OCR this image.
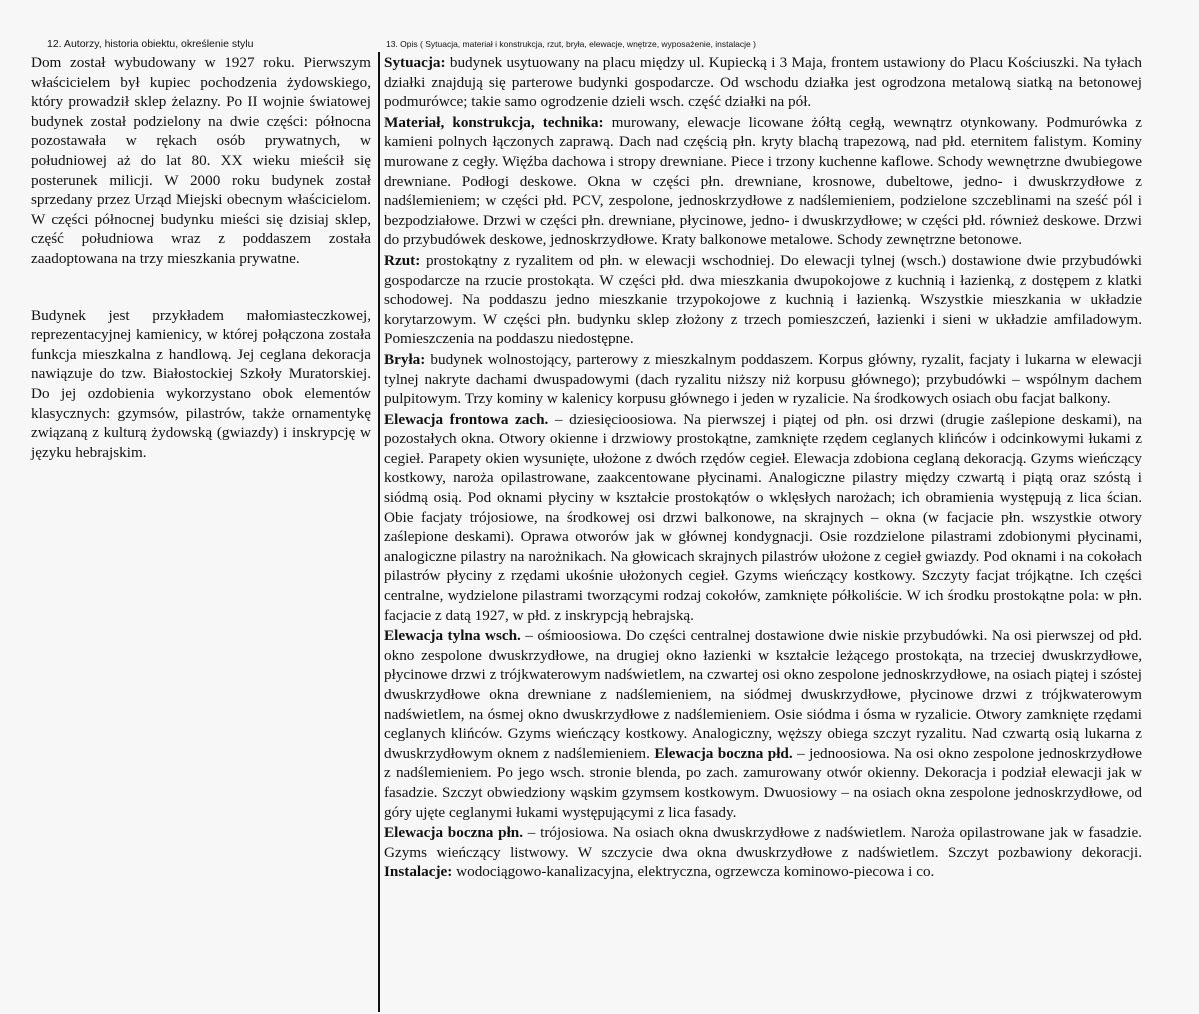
12. Autorzy, historia obiektu, określenie stylu

Dom został wybudowany w 1927 roku. Pierwszym właścicielem był kupiec pochodzenia żydowskiego, który prowadził sklep żelazny. Po II wojnie światowej budynek został podzielony na dwie części: północna pozostawała w rękach osób prywatnych, w południowej aż do lat 80. XX wieku mieścił się posterunek milicji. W 2000 roku budynek został sprzedany przez Urząd Miejski obecnym właścicielom. W części północnej budynku mieści się dzisiaj sklep, część południowa wraz z poddaszem została zaadoptowana na trzy mieszkania prywatne.

Budynek jest przykładem małomiasteczkowej, reprezentacyjnej kamienicy, w której połączona została funkcja mieszkalna z handlową. Jej ceglana dekoracja nawiązuje do tzw. Białostockiej Szkoły Muratorskiej. Do jej ozdobienia wykorzystano obok elementów klasycznych: gzymsów, pilastrów, także ornamentykę związaną z kulturą żydowską (gwiazdy) i inskrypcję w języku hebrajskim.

13. Opis ( Sytuacja, materiał i konstrukcja, rzut, bryła, elewacje, wnętrze, wyposażenie, instalacje )

Sytuacja: budynek usytuowany na placu między ul. Kupiecką i 3 Maja, frontem ustawiony do Placu Kościuszki. Na tyłach działki znajdują się parterowe budynki gospodarcze. Od wschodu działka jest ogrodzona metalową siatką na betonowej podmurówce; takie samo ogrodzenie dzieli wsch. część działki na pół.

Materiał, konstrukcja, technika: murowany, elewacje licowane żółtą cegłą, wewnątrz otynkowany. Podmurówka z kamieni polnych łączonych zaprawą. Dach nad częścią płn. kryty blachą trapezową, nad płd. eternitem falistym. Kominy murowane z cegły. Więźba dachowa i stropy drewniane. Piece i trzony kuchenne kaflowe. Schody wewnętrzne dwubiegowe drewniane. Podłogi deskowe. Okna w części płn. drewniane, krosnowe, dubeltowe, jedno- i dwuskrzydłowe z nadślemieniem; w części płd. PCV, zespolone, jednoskrzydłowe z nadślemieniem, podzielone szczeblinami na sześć pól i bezpodziałowe. Drzwi w części płn. drewniane, płycinowe, jedno- i dwuskrzydłowe; w części płd. również deskowe. Drzwi do przybudówek deskowe, jednoskrzydłowe. Kraty balkonowe metalowe. Schody zewnętrzne betonowe.

Rzut: prostokątny z ryzalitem od płn. w elewacji wschodniej. Do elewacji tylnej (wsch.) dostawione dwie przybudówki gospodarcze na rzucie prostokąta. W części płd. dwa mieszkania dwupokojowe z kuchnią i łazienką, z dostępem z klatki schodowej. Na poddaszu jedno mieszkanie trzypokojowe z kuchnią i łazienką. Wszystkie mieszkania w układzie korytarzowym. W części płn. budynku sklep złożony z trzech pomieszczeń, łazienki i sieni w układzie amfiladowym. Pomieszczenia na poddaszu niedostępne.

Bryła: budynek wolnostojący, parterowy z mieszkalnym poddaszem. Korpus główny, ryzalit, facjaty i lukarna w elewacji tylnej nakryte dachami dwuspadowymi (dach ryzalitu niższy niż korpusu głównego); przybudówki – wspólnym dachem pulpitowym. Trzy kominy w kalenicy korpusu głównego i jeden w ryzalicie. Na środkowych osiach obu facjat balkony.

Elewacja frontowa zach. – dziesięcioosiowa. Na pierwszej i piątej od płn. osi drzwi (drugie zaślepione deskami), na pozostałych okna. Otwory okienne i drzwiowy prostokątne, zamknięte rzędem ceglanych klińców i odcinkowymi łukami z cegieł. Parapety okien wysunięte, ułożone z dwóch rzędów cegieł. Elewacja zdobiona ceglaną dekoracją. Gzyms wieńczący kostkowy, naroża opilastrowane, zaakcentowane płycinami. Analogiczne pilastry między czwartą i piątą oraz szóstą i siódmą osią. Pod oknami płyciny w kształcie prostokątów o wklęsłych narożach; ich obramienia występują z lica ścian. Obie facjaty trójosiowe, na środkowej osi drzwi balkonowe, na skrajnych – okna (w facjacie płn. wszystkie otwory zaślepione deskami). Oprawa otworów jak w głównej kondygnacji. Osie rozdzielone pilastrami zdobionymi płycinami, analogiczne pilastry na narożnikach. Na głowicach skrajnych pilastrów ułożone z cegieł gwiazdy. Pod oknami i na cokołach pilastrów płyciny z rzędami ukośnie ułożonych cegieł. Gzyms wieńczący kostkowy. Szczyty facjat trójkątne. Ich części centralne, wydzielone pilastrami tworzącymi rodzaj cokołów, zamknięte półkoliście. W ich środku prostokątne pola: w płn. facjacie z datą 1927, w płd. z inskrypcją hebrajską.

Elewacja tylna wsch. – ośmioosiowa. Do części centralnej dostawione dwie niskie przybudówki. Na osi pierwszej od płd. okno zespolone dwuskrzydłowe, na drugiej okno łazienki w kształcie leżącego prostokąta, na trzeciej dwuskrzydłowe, płycinowe drzwi z trójkwaterowym nadświetlem, na czwartej osi okno zespolone jednoskrzydłowe, na osiach piątej i szóstej dwuskrzydłowe okna drewniane z nadślemieniem, na siódmej dwuskrzydłowe, płycinowe drzwi z trójkwaterowym nadświetlem, na ósmej okno dwuskrzydłowe z nadślemieniem. Osie siódma i ósma w ryzalicie. Otwory zamknięte rzędami ceglanych klińców. Gzyms wieńczący kostkowy. Analogiczny, węższy obiega szczyt ryzalitu. Nad czwartą osią lukarna z dwuskrzydłowym oknem z nadślemieniem. Elewacja boczna płd. – jednoosiowa. Na osi okno zespolone jednoskrzydłowe z nadślemieniem. Po jego wsch. stronie blenda, po zach. zamurowany otwór okienny. Dekoracja i podział elewacji jak w fasadzie. Szczyt obwiedziony wąskim gzymsem kostkowym. Dwuosiowy – na osiach okna zespolone jednoskrzydłowe, od góry ujęte ceglanymi łukami występującymi z lica fasady.

Elewacja boczna płn. – trójosiowa. Na osiach okna dwuskrzydłowe z nadświetlem. Naroża opilastrowane jak w fasadzie. Gzyms wieńczący listwowy. W szczycie dwa okna dwuskrzydłowe z nadświetlem. Szczyt pozbawiony dekoracji. Instalacje: wodociągowo-kanalizacyjna, elektryczna, ogrzewcza kominowo-piecowa i co.
